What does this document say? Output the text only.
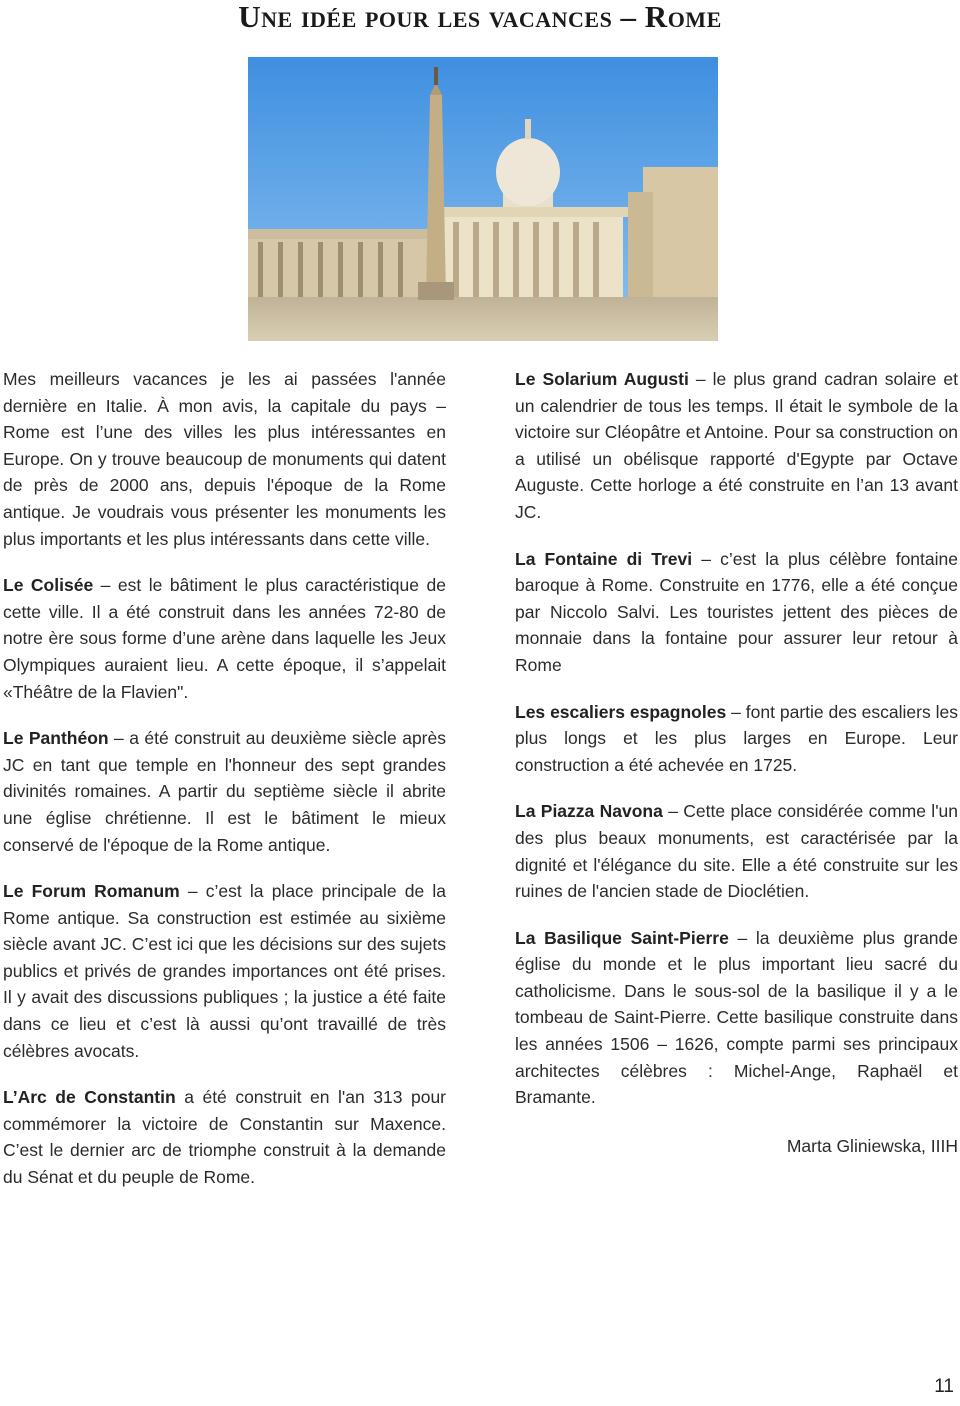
Une idée pour les vacances – Rome

Mes meilleurs vacances je les ai passées l'année dernière en Italie. À mon avis, la capitale du pays – Rome est l’une des villes les plus intéressantes en Europe. On y trouve beaucoup de monuments qui datent de près de 2000 ans, depuis l'époque de la Rome antique. Je voudrais vous présenter les monuments les plus importants et les plus intéressants dans cette ville.

Le Colisée – est le bâtiment le plus caractéristique de cette ville. Il a été construit dans les années 72-80 de notre ère sous forme d’une arène dans laquelle les Jeux Olympiques auraient lieu. A cette époque, il s’appelait «Théâtre de la Flavien".

Le Panthéon – a été construit au deuxième siècle après JC en tant que temple en l'honneur des sept grandes divinités romaines. A partir du septième siècle il abrite une église chrétienne. Il est le bâtiment le mieux conservé de l'époque de la Rome antique.

Le Forum Romanum – c’est la place principale de la Rome antique. Sa construction est estimée au sixième siècle avant JC. C’est ici que les décisions sur des sujets publics et privés de grandes importances ont été prises. Il y avait des discussions publiques ; la justice a été faite dans ce lieu et c’est là aussi qu’ont travaillé de très célèbres avocats.

L’Arc de Constantin a été construit en l'an 313 pour commémorer la victoire de Constantin sur Maxence. C’est le dernier arc de triomphe construit à la demande du Sénat et du peuple de Rome.

Le Solarium Augusti – le plus grand cadran solaire et un calendrier de tous les temps. Il était le symbole de la victoire sur Cléopâtre et Antoine. Pour sa construction on a utilisé un obélisque rapporté d'Egypte par Octave Auguste. Cette horloge a été construite en l’an 13 avant JC.

La Fontaine di Trevi – c’est la plus célèbre fontaine baroque à Rome. Construite en 1776, elle a été conçue par Niccolo Salvi. Les touristes jettent des pièces de monnaie dans la fontaine pour assurer leur retour à Rome

Les escaliers espagnoles – font partie des escaliers les plus longs et les plus larges en Europe. Leur construction a été achevée en 1725.

La Piazza Navona – Cette place considérée comme l'un des plus beaux monuments, est caractérisée par la dignité et l'élégance du site. Elle a été construite sur les ruines de l'ancien stade de Dioclétien.

La Basilique Saint-Pierre – la deuxième plus grande église du monde et le plus important lieu sacré du catholicisme. Dans le sous-sol de la basilique il y a le tombeau de Saint-Pierre. Cette basilique construite dans les années 1506 – 1626, compte parmi ses principaux architectes célèbres : Michel-Ange, Raphaël et Bramante.

Marta Gliniewska, IIIH
11
